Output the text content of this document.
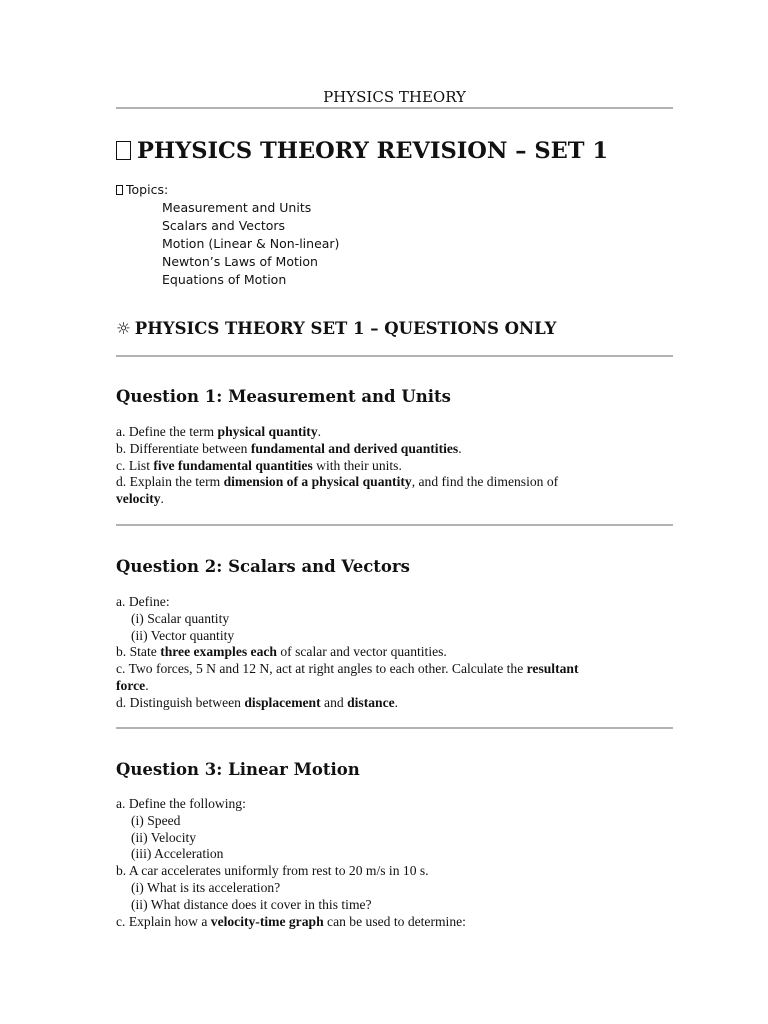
PHYSICS THEORY
PHYSICS THEORY REVISION – SET 1
Topics:
Measurement and Units
Scalars and Vectors
Motion (Linear & Non-linear)
Newton’s Laws of Motion
Equations of Motion
☼ PHYSICS THEORY SET 1 – QUESTIONS ONLY
Question 1: Measurement and Units
a. Define the term physical quantity.
b. Differentiate between fundamental and derived quantities.
c. List five fundamental quantities with their units.
d. Explain the term dimension of a physical quantity, and find the dimension of
velocity.
Question 2: Scalars and Vectors
a. Define:
(i) Scalar quantity
(ii) Vector quantity
b. State three examples each of scalar and vector quantities.
c. Two forces, 5 N and 12 N, act at right angles to each other. Calculate the resultant
force.
d. Distinguish between displacement and distance.
Question 3: Linear Motion
a. Define the following:
(i) Speed
(ii) Velocity
(iii) Acceleration
b. A car accelerates uniformly from rest to 20 m/s in 10 s.
(i) What is its acceleration?
(ii) What distance does it cover in this time?
c. Explain how a velocity-time graph can be used to determine:
